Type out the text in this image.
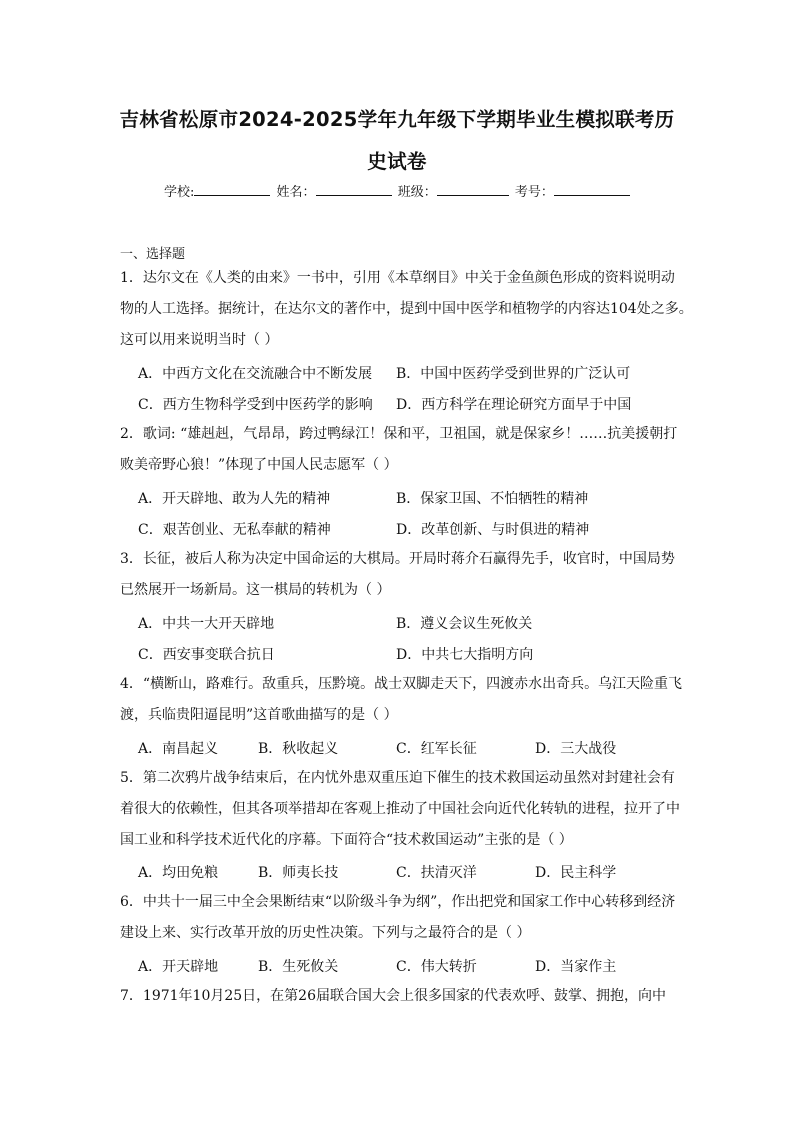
吉林省松原市2024-2025学年九年级下学期毕业生模拟联考历
史试卷
学校:	姓名：	班级：	考号：
一、选择题
1．达尔文在《人类的由来》一书中，引用《本草纲目》中关于金鱼颜色形成的资料说明动
物的人工选择。据统计，在达尔文的著作中，提到中国中医学和植物学的内容达104处之多。
这可以用来说明当时（ ）
A．中西方文化在交流融合中不断发展 B．中国中医药学受到世界的广泛认可
C．西方生物科学受到中医药学的影响 D．西方科学在理论研究方面早于中国
2．歌词: “雄赳赳，气昂昂，跨过鸭绿江！保和平，卫祖国，就是保家乡！……抗美援朝打
败美帝野心狼！”体现了中国人民志愿军（ ）
A．开天辟地、敢为人先的精神	B．保家卫国、不怕牺牲的精神
C．艰苦创业、无私奉献的精神	D．改革创新、与时俱进的精神
3．长征，被后人称为决定中国命运的大棋局。开局时蒋介石赢得先手，收官时，中国局势
已然展开一场新局。这一棋局的转机为（ ）
A．中共一大开天辟地	B．遵义会议生死攸关
C．西安事变联合抗日	D．中共七大指明方向
4．“横断山，路难行。敌重兵，压黔境。战士双脚走天下，四渡赤水出奇兵。乌江天险重飞
渡，兵临贵阳逼昆明”这首歌曲描写的是（ ）
A．南昌起义	B．秋收起义	C．红军长征	D．三大战役
5．第二次鸦片战争结束后，在内忧外患双重压迫下催生的技术救国运动虽然对封建社会有
着很大的依赖性，但其各项举措却在客观上推动了中国社会向近代化转轨的进程，拉开了中
国工业和科学技术近代化的序幕。下面符合“技术救国运动”主张的是（ ）
A．均田免粮	B．师夷长技	C．扶清灭洋	D．民主科学
6．中共十一届三中全会果断结束“以阶级斗争为纲”，作出把党和国家工作中心转移到经济
建设上来、实行改革开放的历史性决策。下列与之最符合的是（ ）
A．开天辟地	B．生死攸关	C．伟大转折	D．当家作主
7．1971年10月25日，在第26届联合国大会上很多国家的代表欢呼、鼓掌、拥抱，向中
